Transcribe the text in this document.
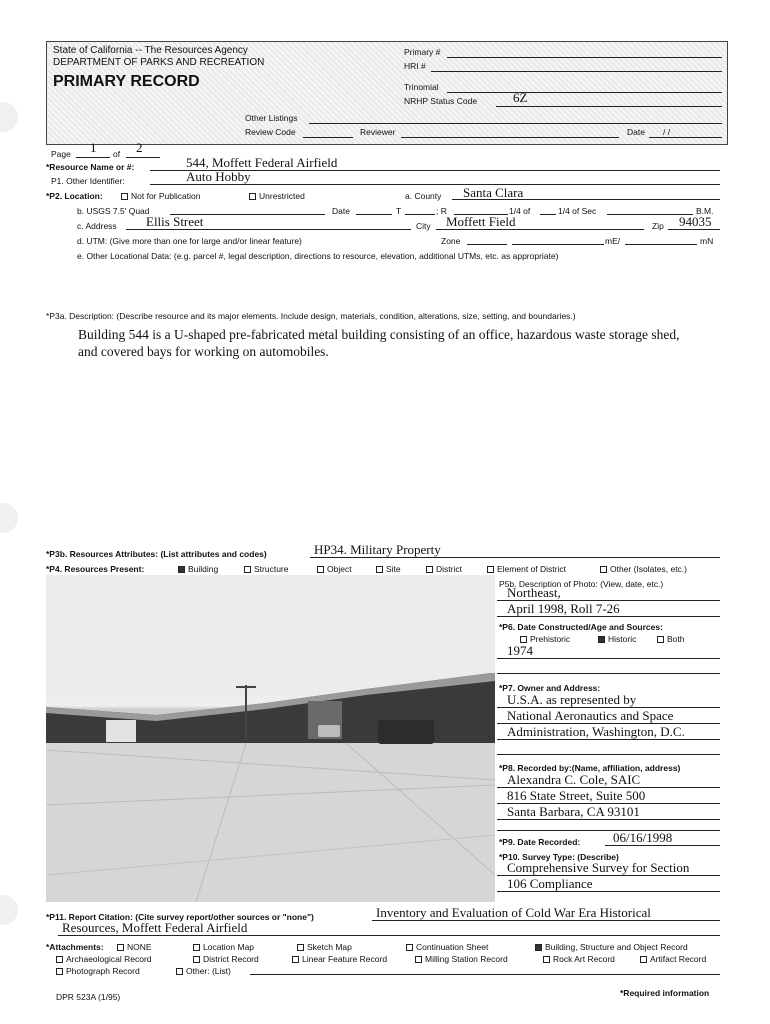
State of California -- The Resources Agency
DEPARTMENT OF PARKS AND RECREATION
PRIMARY RECORD
Primary #
HRI #
Trinomial
NRHP Status Code	6Z
Other Listings
Review Code	Reviewer	Date / /
Page 1 of 2
*Resource Name or #:	544, Moffett Federal Airfield
P1. Other Identifier:	Auto Hobby
*P2. Location:	Not for Publication	Unrestricted	a. County Santa Clara
b. USGS 7.5' Quad	Date	T	; R	1/4 of	1/4 of Sec	B.M.
c. Address Ellis Street	City Moffett Field	Zip 94035
d. UTM: (Give more than one for large and/or linear feature)	Zone	mE/	mN
e. Other Locational Data: (e.g. parcel #, legal description, directions to resource, elevation, additional UTMs, etc. as appropriate)
*P3a. Description: (Describe resource and its major elements. Include design, materials, condition, alterations, size, setting, and boundaries.)
Building 544 is a U-shaped pre-fabricated metal building consisting of an office, hazardous waste storage shed,
and covered bays for working on automobiles.
*P3b. Resources Attributes: (List attributes and codes)	HP34. Military Property
*P4. Resources Present:	Building	Structure	Object	Site	District	Element of District	Other (Isolates, etc.)
P5b. Description of Photo: (View, date, etc.)
Northeast,
April 1998, Roll 7-26
*P6. Date Constructed/Age and Sources:
Prehistoric	Historic	Both
1974
*P7. Owner and Address:
U.S.A. as represented by
National Aeronautics and Space
Administration, Washington, D.C.
*P8. Recorded by:(Name, affiliation, address)
Alexandra C. Cole, SAIC
816 State Street, Suite 500
Santa Barbara, CA 93101
*P9. Date Recorded:	06/16/1998
*P10. Survey Type: (Describe)
Comprehensive Survey for Section
106 Compliance
*P11. Report Citation: (Cite survey report/other sources or "none")	Inventory and Evaluation of Cold War Era Historical
Resources, Moffett Federal Airfield
*Attachments:	NONE	Location Map	Sketch Map	Continuation Sheet	Building, Structure and Object Record
Archaeological Record	District Record	Linear Feature Record	Milling Station Record	Rock Art Record	Artifact Record
Photograph Record	Other: (List)
DPR 523A (1/95)	*Required information
